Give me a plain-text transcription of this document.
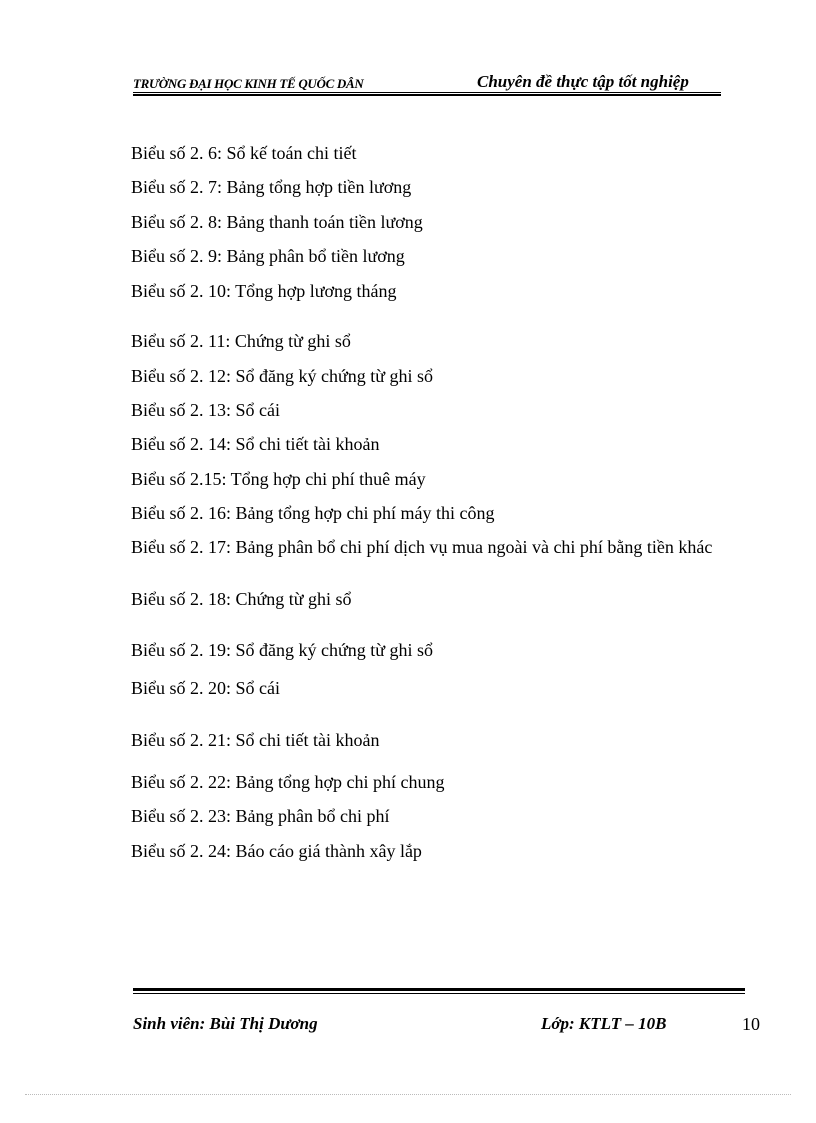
TRƯỜNG ĐẠI HỌC KINH TẾ QUỐC DÂN	Chuyên đề thực tập tốt nghiệp
Biểu số 2. 6: Sổ kế toán chi tiết
Biểu số 2. 7: Bảng tổng hợp tiền lương
Biểu số 2. 8: Bảng thanh toán tiền lương
Biểu số 2. 9: Bảng phân bổ tiền lương
Biểu số 2. 10: Tổng hợp lương tháng
Biểu số 2. 11: Chứng từ ghi sổ
Biểu số 2. 12: Sổ đăng ký chứng từ ghi sổ
Biểu số 2. 13: Sổ cái
Biểu số 2. 14: Sổ chi tiết tài khoản
Biểu số 2.15: Tổng hợp chi phí thuê máy
Biểu số 2. 16: Bảng tổng hợp chi phí máy thi công
Biểu số 2. 17: Bảng phân bổ chi phí dịch vụ mua ngoài và chi phí bằng tiền khác
Biểu số 2. 18: Chứng từ ghi sổ
Biểu số 2. 19: Sổ đăng ký chứng từ ghi sổ
Biểu số 2. 20: Sổ cái
Biểu số 2. 21: Sổ chi tiết tài khoản
Biểu số 2. 22: Bảng tổng hợp chi phí chung
Biểu số 2. 23: Bảng phân bổ chi phí
Biểu số 2. 24: Báo cáo giá thành xây lắp
Sinh viên: Bùi Thị Dương	Lớp: KTLT – 10B	10
